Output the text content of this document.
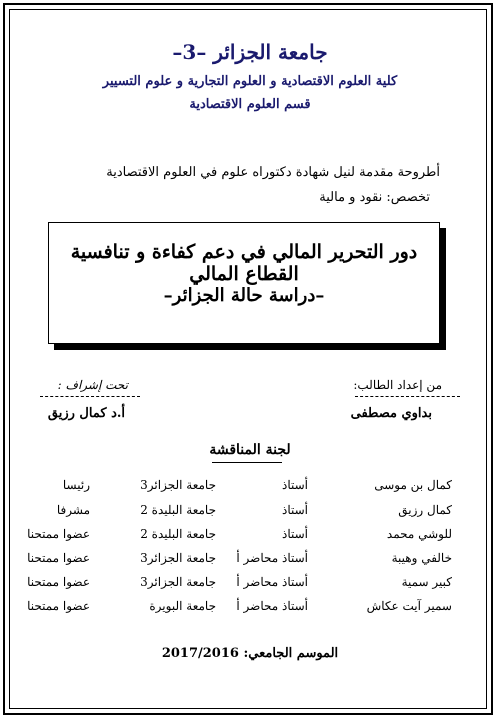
جامعة الجزائر –3–
كلية العلوم الاقتصادية و العلوم التجارية و علوم التسيير
قسم العلوم الاقتصادية
أطروحة مقدمة لنيل شهادة دكتوراه علوم في العلوم الاقتصادية
تخصص: نقود و مالية
دور التحرير المالي في دعم كفاءة و تنافسية القطاع المالي
–دراسة حالة الجزائر–
من إعداد الطالب:
تحت إشراف :
بداوي مصطفى
أ.د كمال رزيق
لجنة المناقشة
كمال بن موسى
أستاذ
جامعة الجزائر3
رئيسا
كمال رزيق
أستاذ
جامعة البليدة 2
مشرفا
للوشي محمد
أستاذ
جامعة البليدة 2
عضوا ممتحنا
خالفي وهيبة
أستاذ محاضر أ
جامعة الجزائر3
عضوا ممتحنا
كبير سمية
أستاذ محاضر أ
جامعة الجزائر3
عضوا ممتحنا
سمير آيت عكاش
أستاذ محاضر أ
جامعة البويرة
عضوا ممتحنا
الموسم الجامعي: 2017/2016
